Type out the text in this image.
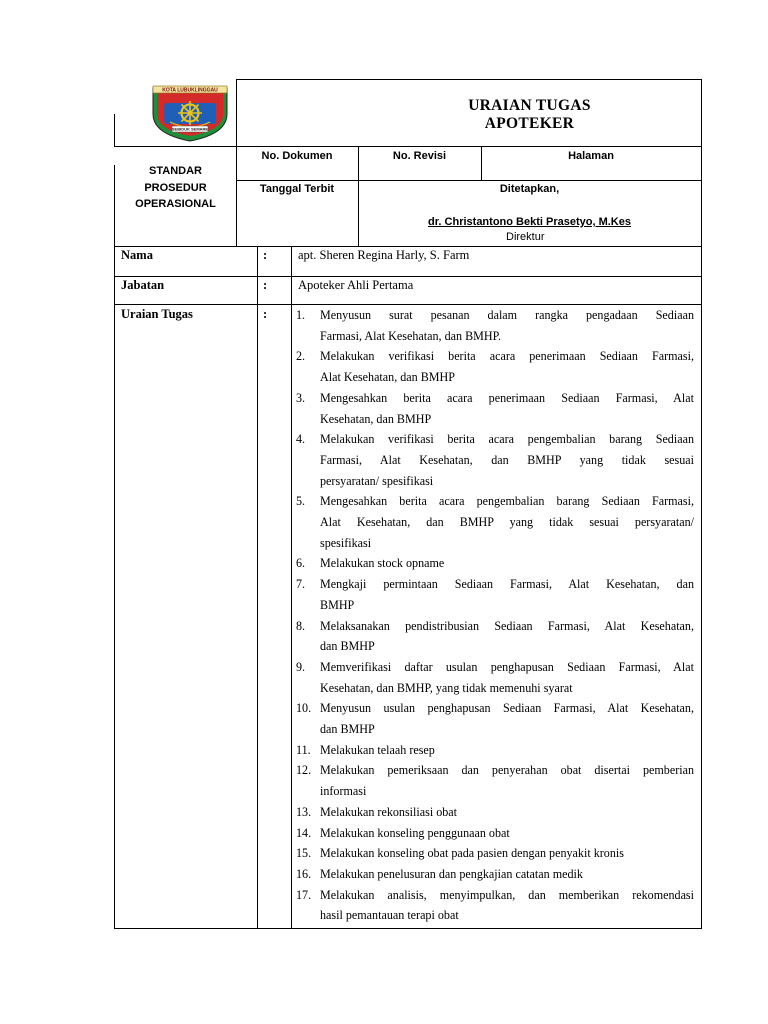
KOTA LUBUKLINGGAU
SEBIDUK SEMARE
URAIAN TUGAS
APOTEKER
STANDAR
PROSEDUR
OPERASIONAL
No. Dokumen	No. Revisi	Halaman
Tanggal Terbit	Ditetapkan,
dr. Christantono Bekti Prasetyo, M.Kes
Direktur
Nama	: apt. Sheren Regina Harly, S. Farm
Jabatan	: Apoteker Ahli Pertama
Uraian Tugas	: 1.	Menyusun surat pesanan dalam rangka pengadaan Sediaan
Farmasi, Alat Kesehatan, dan BMHP.
2.	Melakukan verifikasi berita acara penerimaan Sediaan Farmasi,
Alat Kesehatan, dan BMHP
3.	Mengesahkan berita acara penerimaan Sediaan Farmasi, Alat
Kesehatan, dan BMHP
4.	Melakukan verifikasi berita acara pengembalian barang Sediaan
Farmasi, Alat Kesehatan, dan BMHP yang tidak sesuai
persyaratan/ spesifikasi
5.	Mengesahkan berita acara pengembalian barang Sediaan Farmasi,
Alat Kesehatan, dan BMHP yang tidak sesuai persyaratan/
spesifikasi
6.	Melakukan stock opname
7.	Mengkaji permintaan Sediaan Farmasi, Alat Kesehatan, dan
BMHP
8.	Melaksanakan pendistribusian Sediaan Farmasi, Alat Kesehatan,
dan BMHP
9.	Memverifikasi daftar usulan penghapusan Sediaan Farmasi, Alat
Kesehatan, dan BMHP, yang tidak memenuhi syarat
10. Menyusun usulan penghapusan Sediaan Farmasi, Alat Kesehatan,
dan BMHP
11. Melakukan telaah resep
12. Melakukan pemeriksaan dan penyerahan obat disertai pemberian
informasi
13. Melakukan rekonsiliasi obat
14. Melakukan konseling penggunaan obat
15. Melakukan konseling obat pada pasien dengan penyakit kronis
16. Melakukan penelusuran dan pengkajian catatan medik
17. Melakukan analisis, menyimpulkan, dan memberikan rekomendasi
hasil pemantauan terapi obat
